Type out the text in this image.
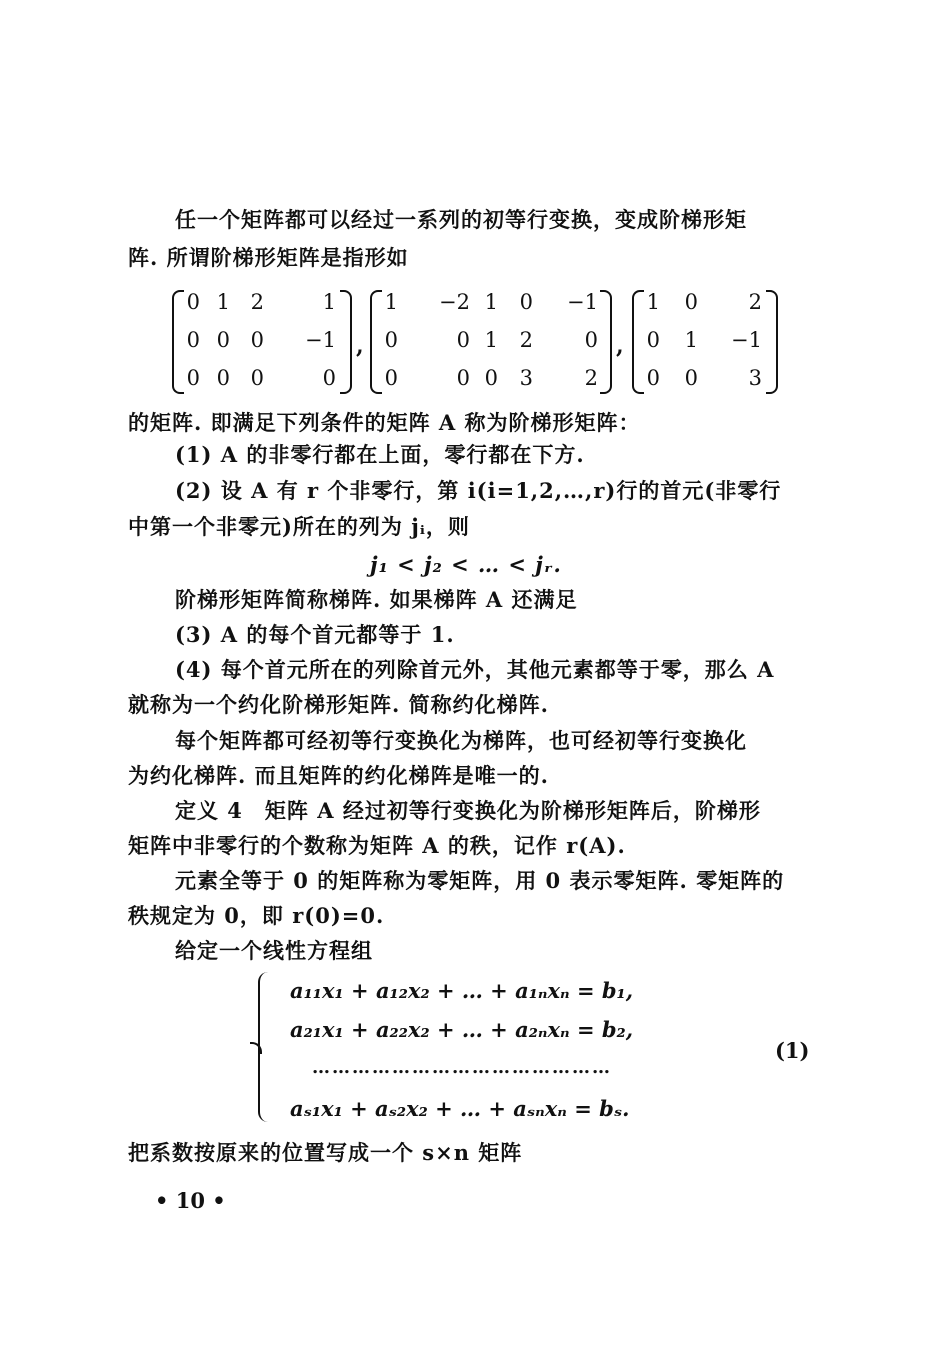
任一个矩阵都可以经过一系列的初等行变换，变成阶梯形矩

阵. 所谓阶梯形矩阵是指形如

0 1 2	1
0 0 0	−1
0 0 0	0
,
1	−2 1 0	−1
0	0 1 2	0
0	0 0 3	2
,
1 0	2
0 1	−1
0 0	3

的矩阵. 即满足下列条件的矩阵 A 称为阶梯形矩阵：

(1) A 的非零行都在上面，零行都在下方.

(2) 设 A 有 r 个非零行，第 i(i=1,2,…,r)行的首元(非零行

中第一个非零元)所在的列为 jᵢ，则

j₁ < j₂ < … < jᵣ.

阶梯形矩阵简称梯阵. 如果梯阵 A 还满足

(3) A 的每个首元都等于 1.

(4) 每个首元所在的列除首元外，其他元素都等于零，那么 A

就称为一个约化阶梯形矩阵. 简称约化梯阵.

每个矩阵都可经初等行变换化为梯阵，也可经初等行变换化

为约化梯阵. 而且矩阵的约化梯阵是唯一的.

定义 4　矩阵 A 经过初等行变换化为阶梯形矩阵后，阶梯形

矩阵中非零行的个数称为矩阵 A 的秩，记作 r(A).

元素全等于 0 的矩阵称为零矩阵，用 0 表示零矩阵. 零矩阵的

秩规定为 0，即 r(0)=0.

给定一个线性方程组

a₁₁x₁ + a₁₂x₂ + … + a₁ₙxₙ = b₁,
a₂₁x₁ + a₂₂x₂ + … + a₂ₙxₙ = b₂,
………………………………………
aₛ₁x₁ + aₛ₂x₂ + … + aₛₙxₙ = bₛ.
(1)

把系数按原来的位置写成一个 s×n 矩阵

• 10 •
